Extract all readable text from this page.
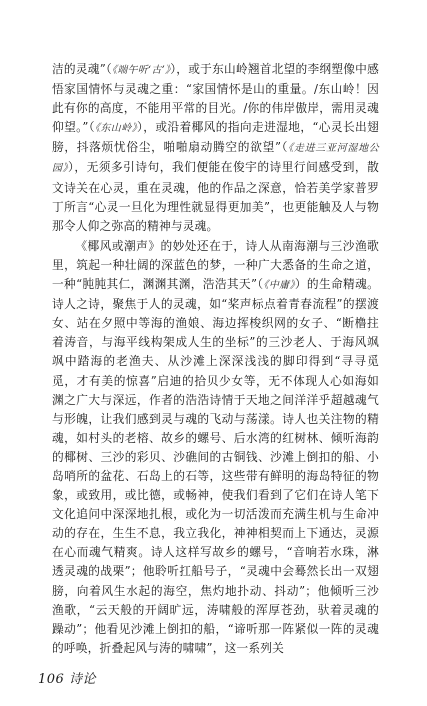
洁的灵魂”（《端午听‘古’》），或于东山岭翘首北望的李纲塑像中感悟家国情怀与灵魂之重：“家国情怀是山的重量。/东山岭！因此有你的高度，不能用平常的目光。/你的伟岸傲岸，需用灵魂仰望。”（《东山岭》），或沿着椰风的指向走进湿地，“心灵长出翅膀，抖落烦忧俗尘，啪啪扇动腾空的欲望”（《走进三亚河湿地公园》），无须多引诗句，我们便能在俊宇的诗里行间感受到，散文诗关在心灵，重在灵魂，他的作品之深意，恰若美学家普罗丁所言“心灵一旦化为理性就显得更加美”，也更能触及人与物那令人仰之弥高的精神与灵魂。

《椰风或潮声》的妙处还在于，诗人从南海潮与三沙渔歌里，筑起一种壮阔的深蓝色的梦，一种广大悉备的生命之道，一种“肫肫其仁，渊渊其渊，浩浩其天”（《中庸》）的生命精魂。诗人之诗，聚焦于人的灵魂，如“桨声标点着青春流程”的摆渡女、站在夕照中等海的渔娘、海边挥梭织网的女子、“断橹拄着涛音，与海平线构架成人生的坐标”的三沙老人、于海风飒飒中踏海的老渔夫、从沙滩上深深浅浅的脚印得到“寻寻觅觅，才有美的惊喜”启迪的拾贝少女等，无不体现人心如海如渊之广大与深远，作者的浩浩诗情于天地之间洋洋乎超越魂气与形魄，让我们感到灵与魂的飞动与荡漾。诗人也关注物的精魂，如村头的老榕、故乡的螺号、后水湾的红树林、倾听海韵的椰树、三沙的彩贝、沙礁间的古铜钱、沙滩上倒扣的船、小岛哨所的盆花、石岛上的石等，这些带有鲜明的海岛特征的物象，或致用，或比德，或畅神，使我们看到了它们在诗人笔下文化追问中深深地扎根，或化为一切活泼而充满生机与生命冲动的存在，生生不息，我立我化，神神相契而上下通达，灵源在心而魂气精爽。诗人这样写故乡的螺号，“音响若水珠，淋透灵魂的战栗”；他聆听扛船号子，“灵魂中会蓦然长出一双翅膀，向着风生水起的海空，焦灼地扑动、抖动”；他倾听三沙渔歌，“云天般的开阔旷远，涛啸般的浑厚苍劲，驮着灵魂的躁动”；他看见沙滩上倒扣的船，“谛听那一阵紧似一阵的灵魂的呼唤，折叠起风与涛的啸啸”，这一系列关

106 诗论
